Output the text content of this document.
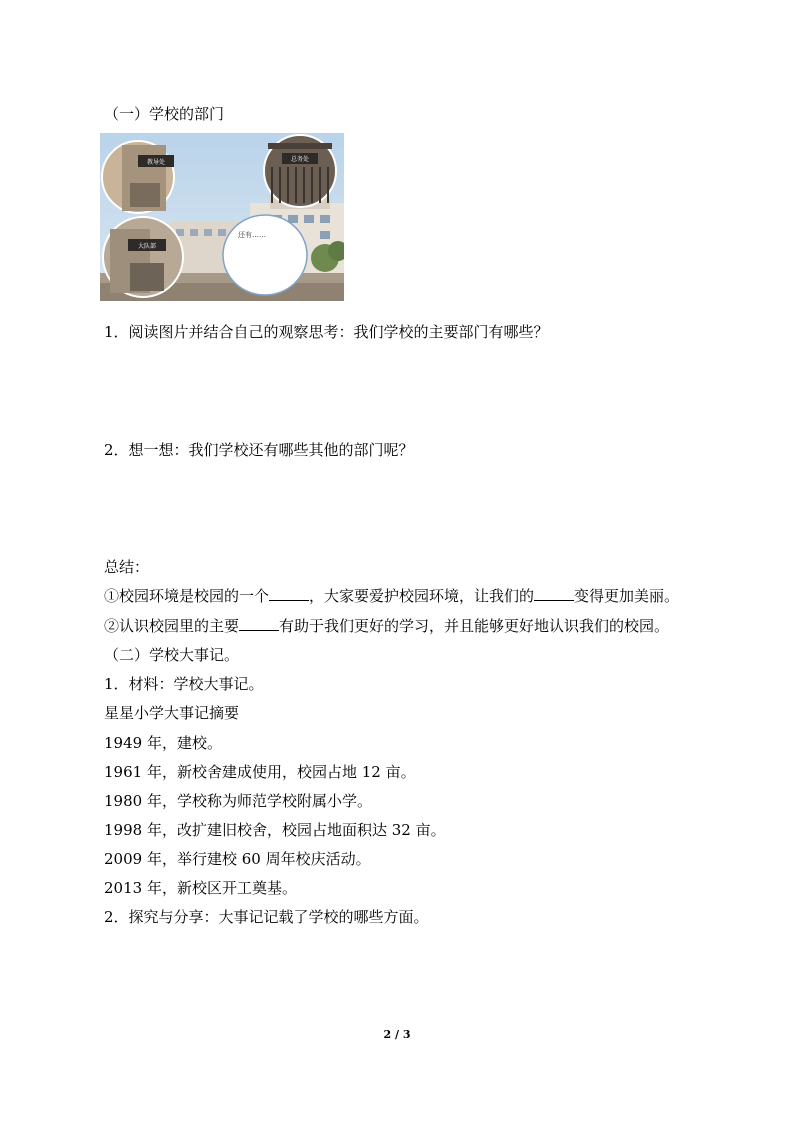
（一）学校的部门
教导处	总务处
大队部
还有……
1．阅读图片并结合自己的观察思考：我们学校的主要部门有哪些？
2．想一想：我们学校还有哪些其他的部门呢？
总结：
①校园环境是校园的一个	，大家要爱护校园环境，让我们的	变得更加美丽。
②认识校园里的主要	有助于我们更好的学习，并且能够更好地认识我们的校园。
（二）学校大事记。
1．材料：学校大事记。
星星小学大事记摘要
1949 年，建校。
1961 年，新校舍建成使用，校园占地 12 亩。
1980 年，学校称为师范学校附属小学。
1998 年，改扩建旧校舍，校园占地面积达 32 亩。
2009 年，举行建校 60 周年校庆活动。
2013 年，新校区开工奠基。
2．探究与分享：大事记记载了学校的哪些方面。
2 / 3
